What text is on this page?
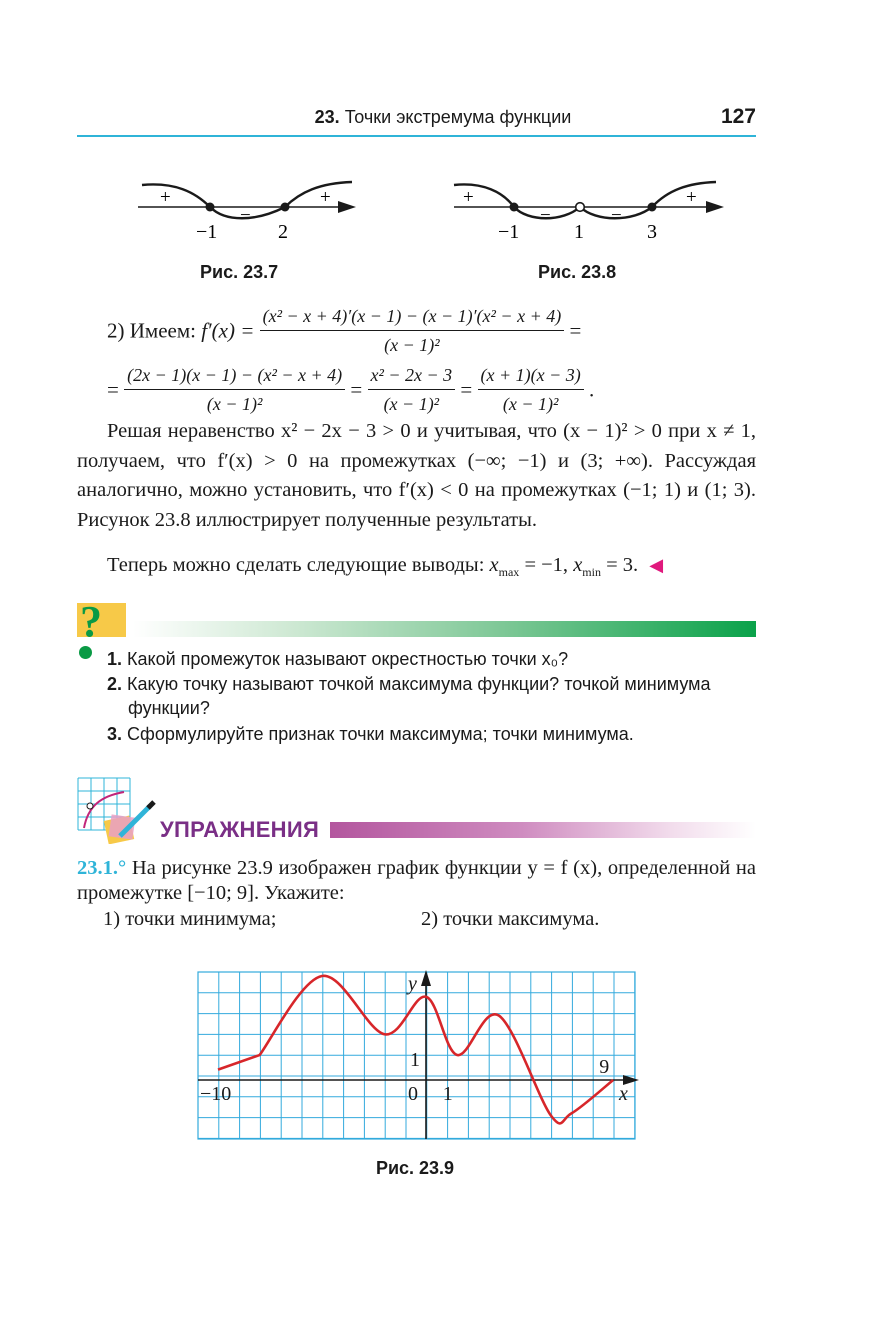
23. Точки экстремума функции	127
+
−
+
−1	2
Рис. 23.7
+
−	−
+
−1	1	3
Рис. 23.8
2) Имеем: $f'(x) = \frac{\text{(x² − x + 4)′(x − 1) − (x − 1)′(x² − x + 4)}}{\text{(x − 1)²}}$ =
= $\frac{\text{(2x − 1)(x − 1) − (x² − x + 4)}}{\text{(x − 1)²}} = \frac{\text{x² − 2x − 3}}{\text{(x − 1)²}} = \frac{(x + 1)(x - 3)}{\text{(x − 1)²}}$ .
Решая неравенство x² − 2x − 3 > 0 и учитывая, что (x − 1)² > 0 при x ≠ 1, получаем, что f′(x) > 0 на промежутках (−∞; −1) и (3; +∞). Рассуждая аналогично, можно установить, что f′(x) < 0 на промежутках (−1; 1) и (1; 3). Рисунок 23.8 иллюстрирует полученные результаты.
Теперь можно сделать следующие выводы: $x_{max} = -1$, $x_{min} = 3$. ◀
?
1. Какой промежуток называют окрестностью точки x₀?
2. Какую точку называют точкой максимума функции? точкой минимума функции?
3. Сформулируйте признак точки максимума; точки минимума.
УПРАЖНЕНИЯ
23.1.° На рисунке 23.9 изображен график функции y = f (x), определенной на промежутке [−10; 9]. Укажите:
1) точки минимума;	2) точки максимума.
y
x
−10	0 1
1	9
Рис. 23.9
